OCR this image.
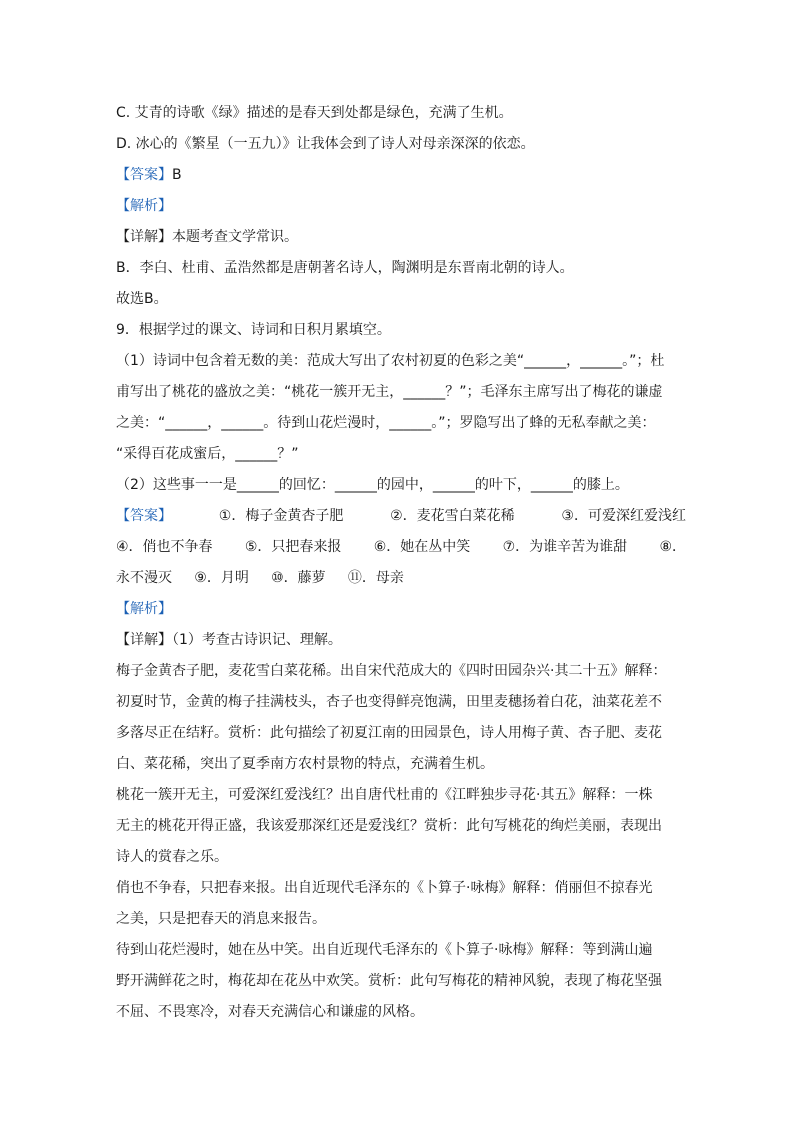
C. 艾青的诗歌《绿》描述的是春天到处都是绿色，充满了生机。
D. 冰心的《繁星（一五九）》让我体会到了诗人对母亲深深的依恋。
【答案】B
【解析】
【详解】本题考查文学常识。
B．李白、杜甫、孟浩然都是唐朝著名诗人，陶渊明是东晋南北朝的诗人。
故选B。
9．根据学过的课文、诗词和日积月累填空。
（1）诗词中包含着无数的美：范成大写出了农村初夏的色彩之美“______，______。”；杜
甫写出了桃花的盛放之美：“桃花一簇开无主，______？”；毛泽东主席写出了梅花的谦虚
之美：“______，______。待到山花烂漫时，______。”；罗隐写出了蜂的无私奉献之美：
“采得百花成蜜后，______？”
（2）这些事一一是______的回忆：______的园中，______的叶下，______的膝上。
【答案】	①．梅子金黄杏子肥	②．麦花雪白菜花稀	③．可爱深红爱浅红
④．俏也不争春 ⑤．只把春来报 ⑥．她在丛中笑 ⑦．为谁辛苦为谁甜 ⑧．
永不漫灭 ⑨．月明 ⑩．藤萝 ⑪．母亲
【解析】
【详解】（1）考查古诗识记、理解。
梅子金黄杏子肥，麦花雪白菜花稀。出自宋代范成大的《四时田园杂兴·其二十五》解释：
初夏时节，金黄的梅子挂满枝头，杏子也变得鲜亮饱满，田里麦穗扬着白花，油菜花差不
多落尽正在结籽。赏析：此句描绘了初夏江南的田园景色，诗人用梅子黄、杏子肥、麦花
白、菜花稀，突出了夏季南方农村景物的特点，充满着生机。
桃花一簇开无主，可爱深红爱浅红？出自唐代杜甫的《江畔独步寻花·其五》解释：一株
无主的桃花开得正盛，我该爱那深红还是爱浅红？赏析：此句写桃花的绚烂美丽，表现出
诗人的赏春之乐。
俏也不争春，只把春来报。出自近现代毛泽东的《卜算子·咏梅》解释：俏丽但不掠春光
之美，只是把春天的消息来报告。
待到山花烂漫时，她在丛中笑。出自近现代毛泽东的《卜算子·咏梅》解释：等到满山遍
野开满鲜花之时，梅花却在花丛中欢笑。赏析：此句写梅花的精神风貌，表现了梅花坚强
不屈、不畏寒冷，对春天充满信心和谦虚的风格。
